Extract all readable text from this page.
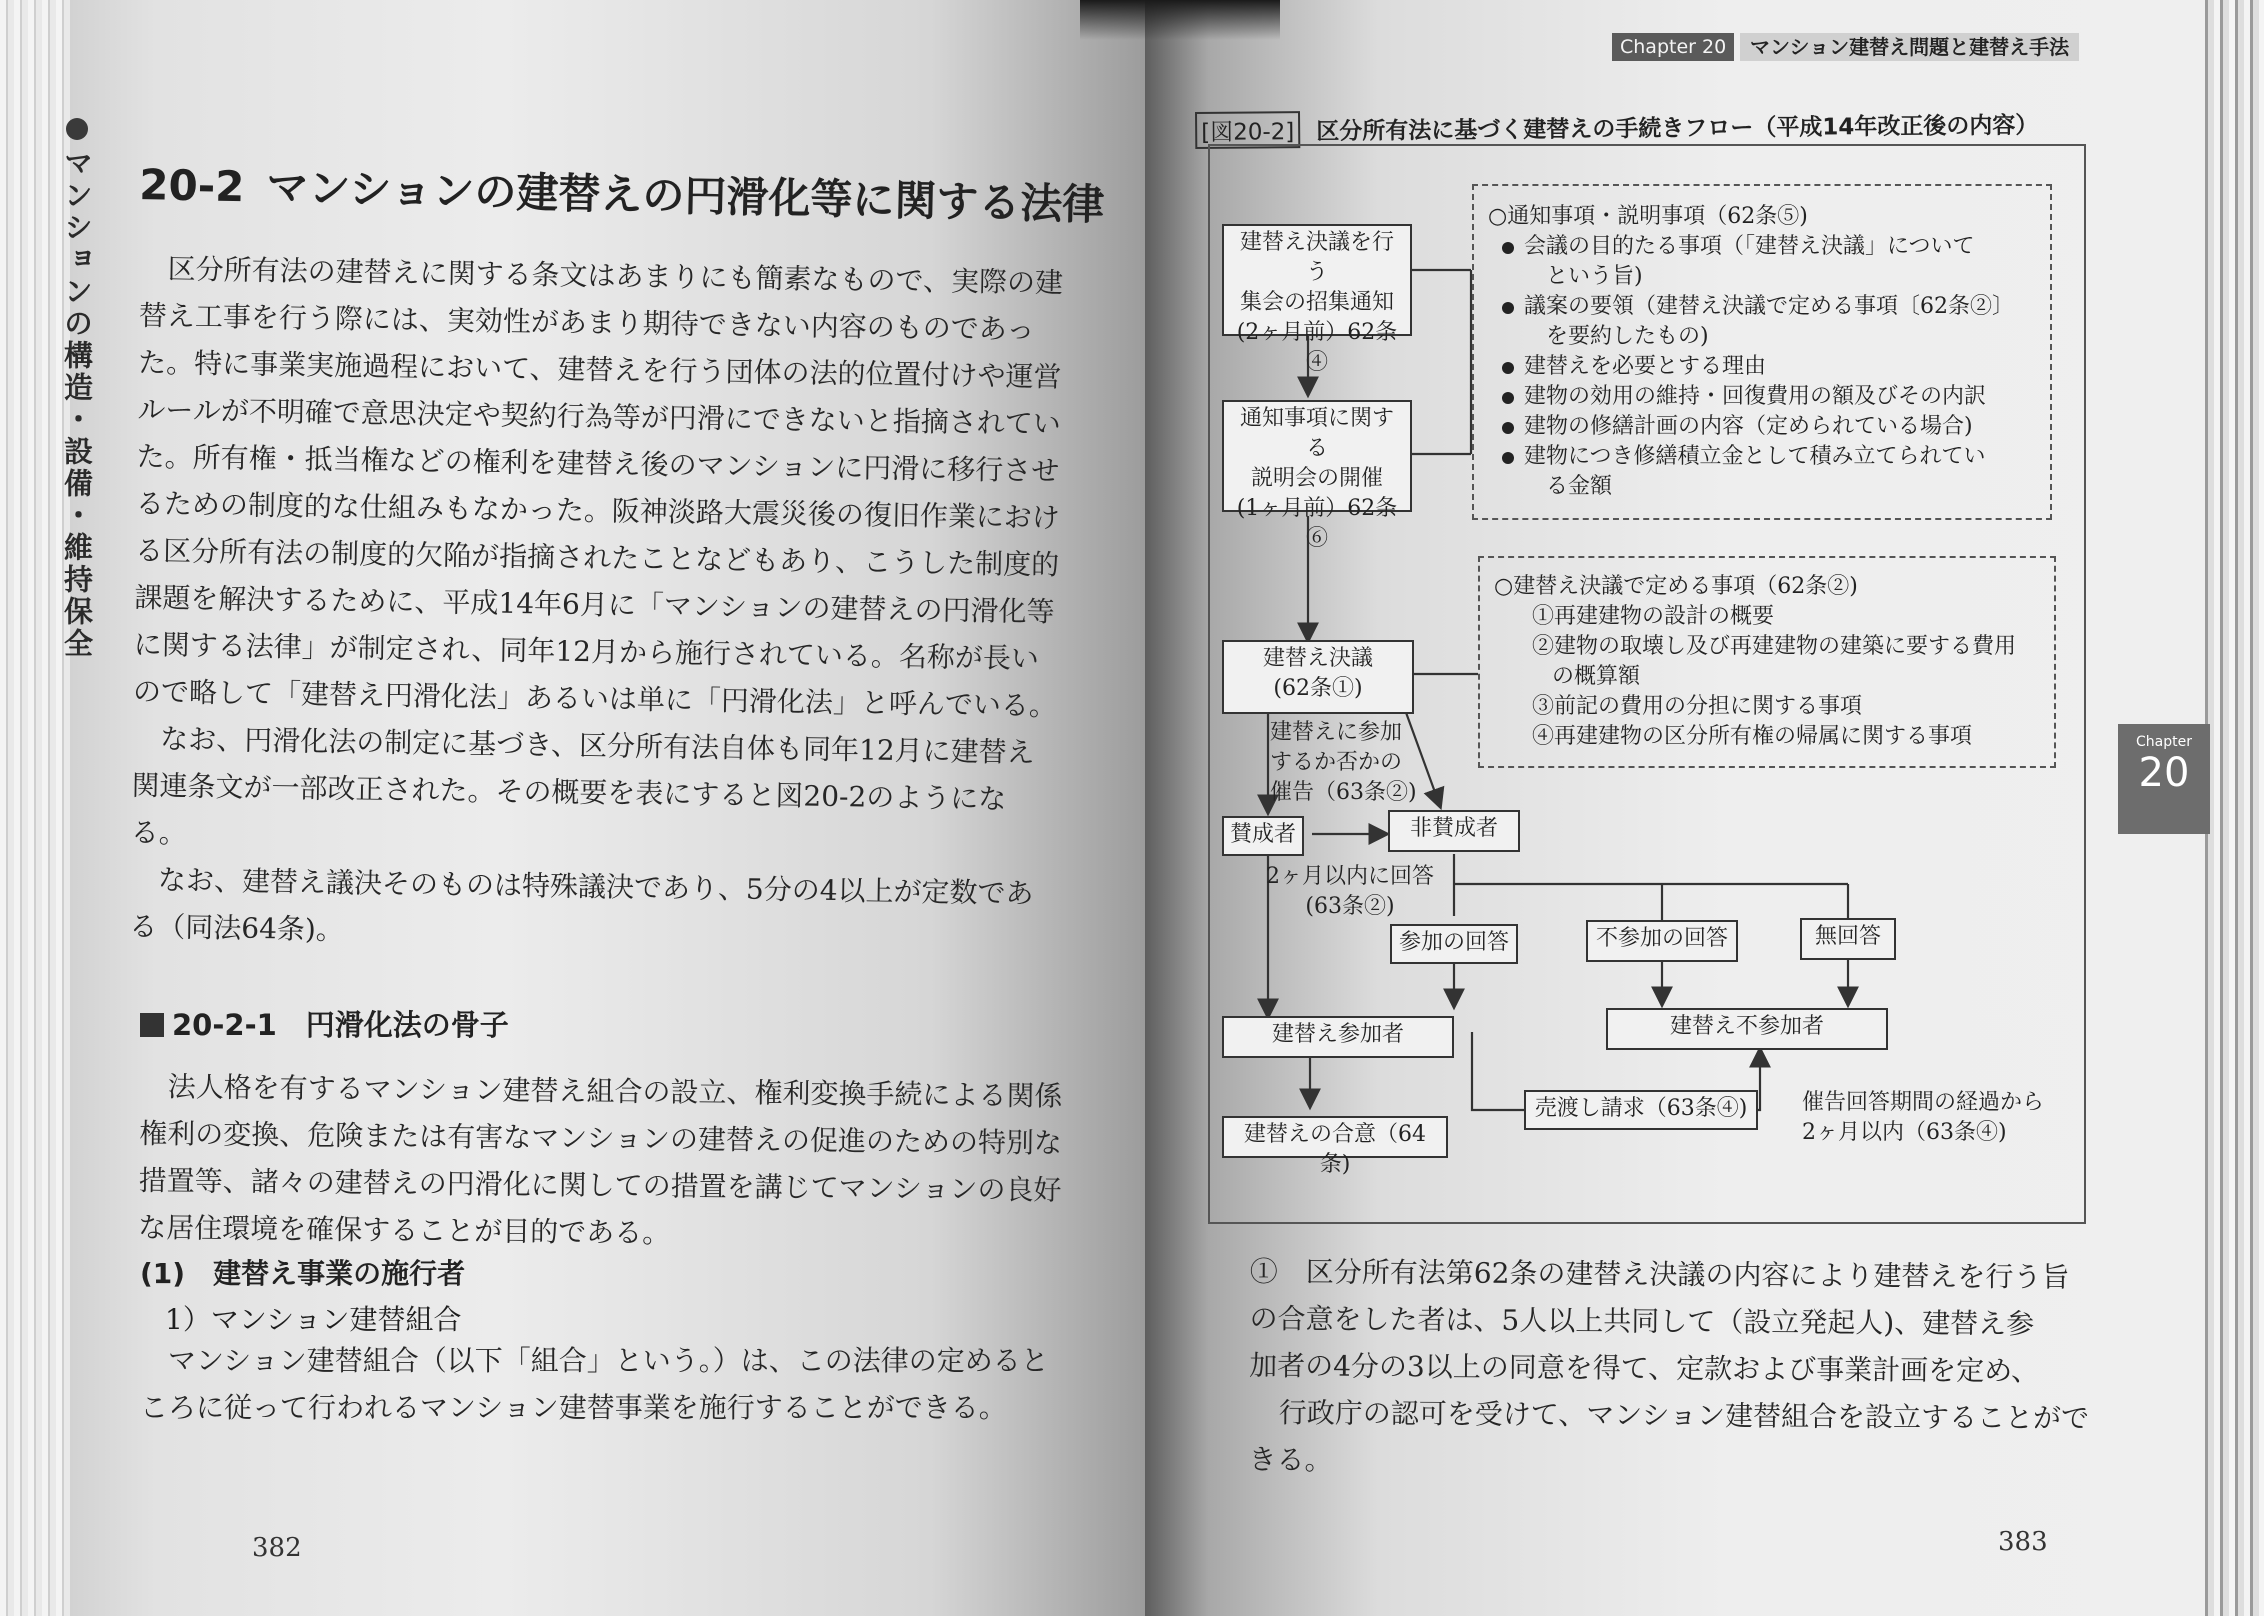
マンションの構造・設備・維持保全 20-2 マンションの建替えの円滑化等に関する法律

区分所有法の建替えに関する条文はあまりにも簡素なもので、実際の建替え工事を行う際には、実効性があまり期待できない内容のものであった。特に事業実施過程において、建替えを行う団体の法的位置付けや運営ルールが不明確で意思決定や契約行為等が円滑にできないと指摘されていた。所有権・抵当権などの権利を建替え後のマンションに円滑に移行させるための制度的な仕組みもなかった。阪神淡路大震災後の復旧作業における区分所有法の制度的欠陥が指摘されたことなどもあり、こうした制度的課題を解決するために、平成14年6月に「マンションの建替えの円滑化等に関する法律」が制定され、同年12月から施行されている。名称が長いので略して「建替え円滑化法」あるいは単に「円滑化法」と呼んでいる。

なお、円滑化法の制定に基づき、区分所有法自体も同年12月に建替え関連条文が一部改正された。その概要を表にすると図20-2のようになる。

なお、建替え議決そのものは特殊議決であり、5分の4以上が定数である（同法64条)。

20-2-1　円滑化法の骨子

法人格を有するマンション建替え組合の設立、権利変換手続による関係権利の変換、危険または有害なマンションの建替えの促進のための特別な措置等、諸々の建替えの円滑化に関しての措置を講じてマンションの良好な居住環境を確保することが目的である。

(1)　建替え事業の施行者
1）マンション建替組合

マンション建替組合（以下「組合」という。）は、この法律の定めるところに従って行われるマンション建替事業を施行することができる。

382
Chapter 20	マンション建替え問題と建替え手法
[図20-2] 区分所有法に基づく建替えの手続きフロー（平成14年改正後の内容）
建替え決議を行う
集会の招集通知
(2ヶ月前）62条④
通知事項に関する
説明会の開催
(1ヶ月前）62条⑥
建替え決議
(62条①)
建替えに参加
するか否かの
催告（63条②)
賛成者	非賛成者
2ヶ月以内に回答
(63条②)
参加の回答	不参加の回答	無回答
建替え参加者	建替え不参加者
売渡し請求（63条④)	催告回答期間の経過から
2ヶ月以内（63条④)
建替えの合意（64条)
○通知事項・説明事項（62条⑤)
会議の目的たる事項（「建替え決議」について
という旨)
議案の要領（建替え決議で定める事項〔62条②〕
を要約したもの)
建替えを必要とする理由
建物の効用の維持・回復費用の額及びその内訳
建物の修繕計画の内容（定められている場合)
建物につき修繕積立金として積み立てられてい
る金額
○建替え決議で定める事項（62条②)
①再建建物の設計の概要
②建物の取壊し及び再建建物の建築に要する費用
の概算額
③前記の費用の分担に関する事項
④再建建物の区分所有権の帰属に関する事項	Chapter
20
①　 区分所有法第62条の建替え決議の内容により建替えを行う旨
の合意をした者は、5人以上共同して（設立発起人)、建替え参
加者の4分の3以上の同意を得て、定款および事業計画を定め、
行政庁の認可を受けて、マンション建替組合を設立することがで
きる。
383
